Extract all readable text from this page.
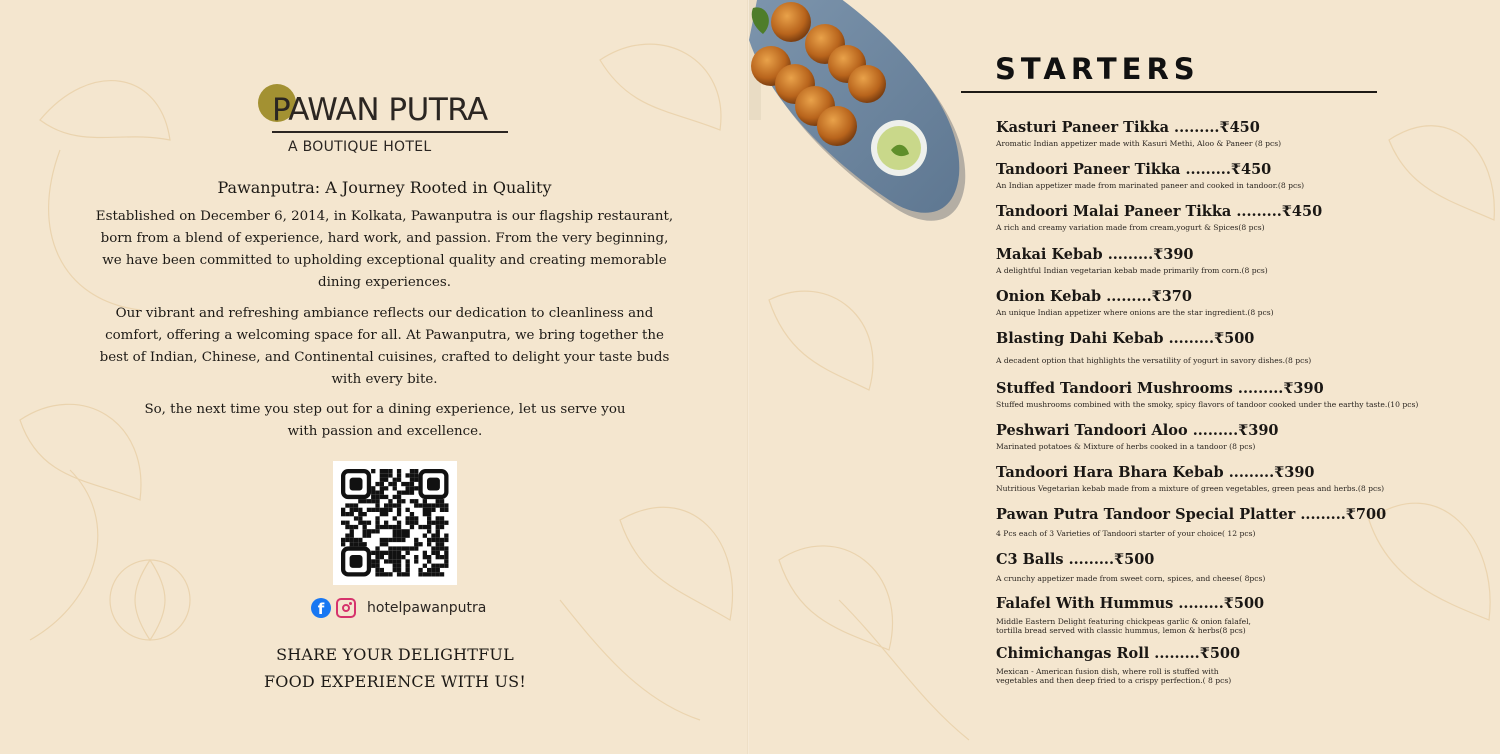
PAWAN PUTRA
A BOUTIQUE HOTEL
Pawanputra: A Journey Rooted in Quality
Established on December 6, 2014, in Kolkata, Pawanputra is our flagship restaurant, born from a blend of experience, hard work, and passion. From the very beginning, we have been committed to upholding exceptional quality and creating memorable dining experiences.
Our vibrant and refreshing ambiance reflects our dedication to cleanliness and comfort, offering a welcoming space for all. At Pawanputra, we bring together the best of Indian, Chinese, and Continental cuisines, crafted to delight your taste buds with every bite.
So, the next time you step out for a dining experience, let us serve you with passion and excellence.
f	hotelpawanputra
SHARE YOUR DELIGHTFUL
FOOD EXPERIENCE WITH US!
STARTERS
Kasturi Paneer Tikka .........₹450
Aromatic Indian appetizer made with Kasuri Methi, Aloo & Paneer (8 pcs)
Tandoori Paneer Tikka .........₹450
An Indian appetizer made from marinated paneer and cooked in tandoor.(8 pcs)
Tandoori Malai Paneer Tikka .........₹450
A rich and creamy variation made from cream,yogurt & Spices(8 pcs)
Makai Kebab .........₹390
A delightful Indian vegetarian kebab made primarily from corn.(8 pcs)
Onion Kebab .........₹370
An unique Indian appetizer where onions are the star ingredient.(8 pcs)
Blasting Dahi Kebab .........₹500
A decadent option that highlights the versatility of yogurt in savory dishes.(8 pcs)
Stuffed Tandoori Mushrooms .........₹390
Stuffed mushrooms combined with the smoky, spicy flavors of tandoor cooked under the earthy taste.(10 pcs)
Peshwari Tandoori Aloo .........₹390
Marinated potatoes & Mixture of herbs cooked in a tandoor (8 pcs)
Tandoori Hara Bhara Kebab .........₹390
Nutritious Vegetarian kebab made from a mixture of green vegetables, green peas and herbs.(8 pcs)
Pawan Putra Tandoor Special Platter .........₹700
4 Pcs each of 3 Varieties of Tandoori starter of your choice( 12 pcs)
C3 Balls .........₹500
A crunchy appetizer made from sweet corn, spices, and cheese( 8pcs)
Falafel With Hummus .........₹500
Middle Eastern Delight featuring chickpeas garlic & onion falafel,
tortilla bread served with classic hummus, lemon & herbs(8 pcs)
Chimichangas Roll .........₹500
Mexican - American fusion dish, where roll is stuffed with
vegetables and then deep fried to a crispy perfection.( 8 pcs)
